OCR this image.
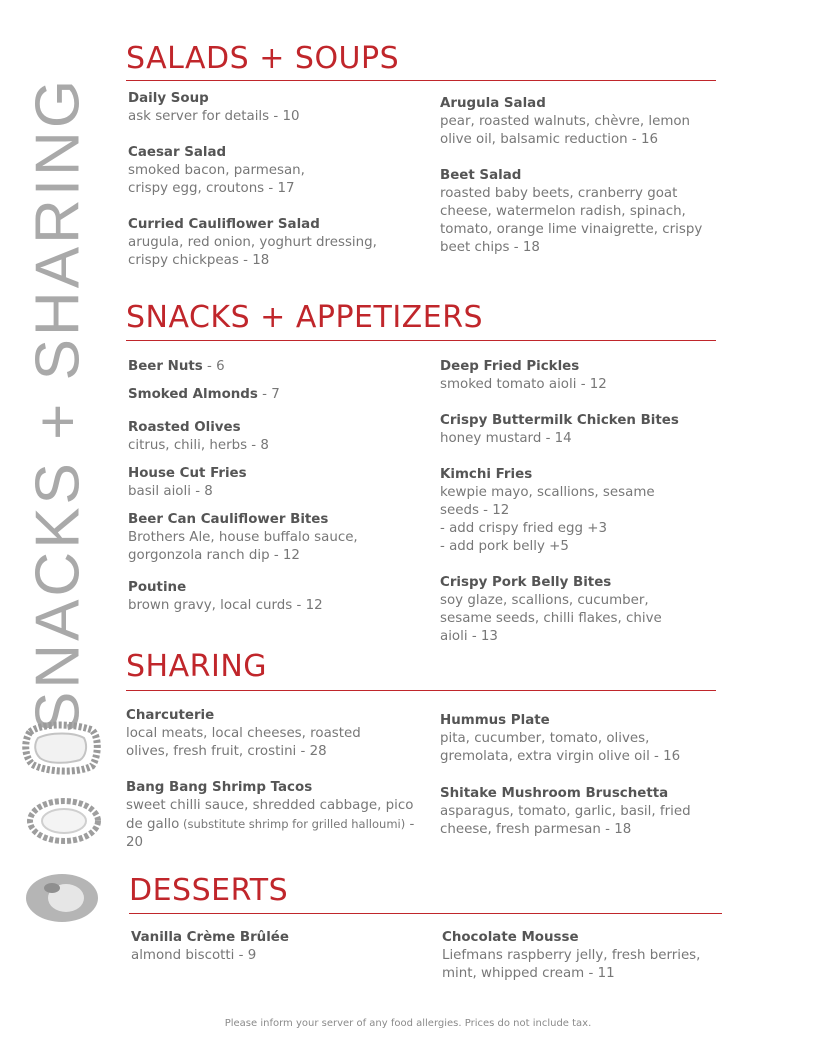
SNACKS + SHARING
SALADS + SOUPS
Daily Soup
ask server for details - 10
Caesar Salad
smoked bacon, parmesan, crispy egg, croutons - 17
Curried Cauliflower Salad
arugula, red onion, yoghurt dressing, crispy chickpeas - 18
Arugula Salad
pear, roasted walnuts, chèvre, lemon olive oil, balsamic reduction - 16
Beet Salad
roasted baby beets, cranberry goat cheese, watermelon radish, spinach, tomato, orange lime vinaigrette, crispy beet chips - 18
SNACKS + APPETIZERS
Beer Nuts - 6
Smoked Almonds - 7
Roasted Olives
citrus, chili, herbs - 8
House Cut Fries
basil aioli - 8
Beer Can Cauliflower Bites
Brothers Ale, house buffalo sauce, gorgonzola ranch dip - 12
Poutine
brown gravy, local curds - 12
Deep Fried Pickles
smoked tomato aioli - 12
Crispy Buttermilk Chicken Bites
honey mustard - 14
Kimchi Fries
kewpie mayo, scallions, sesame seeds - 12
- add crispy fried egg +3
- add pork belly +5
Crispy Pork Belly Bites
soy glaze, scallions, cucumber, sesame seeds, chilli flakes, chive aioli - 13
SHARING
Charcuterie
local meats, local cheeses, roasted olives, fresh fruit, crostini - 28
Bang Bang Shrimp Tacos
sweet chilli sauce, shredded cabbage, pico de gallo (substitute shrimp for grilled halloumi) - 20
Hummus Plate
pita, cucumber, tomato, olives, gremolata, extra virgin olive oil - 16
Shitake Mushroom Bruschetta
asparagus, tomato, garlic, basil, fried cheese, fresh parmesan - 18
DESSERTS
Vanilla Crème Brûlée
almond biscotti - 9
Chocolate Mousse
Liefmans raspberry jelly, fresh berries, mint, whipped cream - 11
Please inform your server of any food allergies. Prices do not include tax.
